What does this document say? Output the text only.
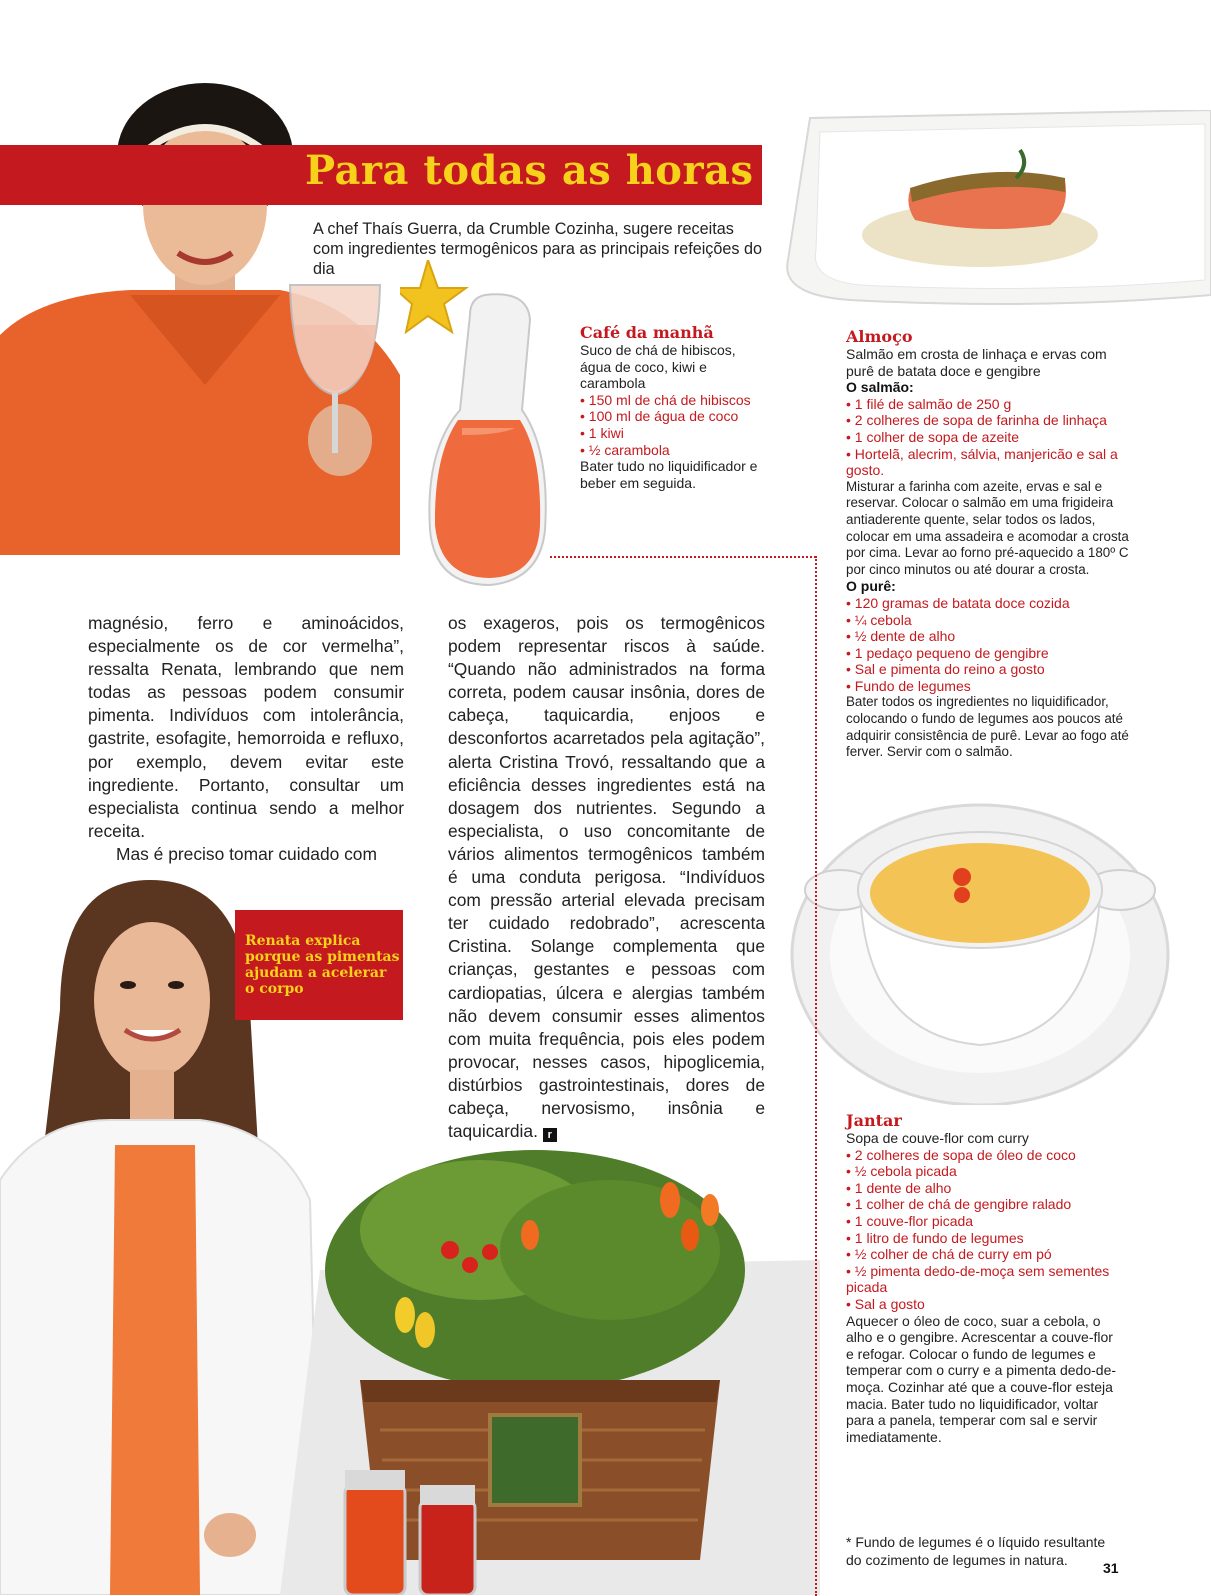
Para todas as horas
A chef Thaís Guerra, da Crumble Cozinha, sugere receitas com ingredientes termogênicos para as principais refeições do dia
Café da manhã

Suco de chá de hibiscos, água de coco, kiwi e carambola

• 150 ml de chá de hibiscos
• 100 ml de água de coco
• 1 kiwi
• ½ carambola

Bater tudo no liquidificador e beber em seguida.

Almoço

Salmão em crosta de linhaça e ervas com purê de batata doce e gengibre

O salmão:

• 1 filé de salmão de 250 g
• 2 colheres de sopa de farinha de linhaça
• 1 colher de sopa de azeite
• Hortelã, alecrim, sálvia, manjericão e sal a gosto.

Misturar a farinha com azeite, ervas e sal e reservar. Colocar o salmão em uma frigideira antiaderente quente, selar todos os lados, colocar em uma assadeira e acomodar a crosta por cima. Levar ao forno pré-aquecido a 180º C por cinco minutos ou até dourar a crosta.

O purê:

• 120 gramas de batata doce cozida
• ¼ cebola
• ½ dente de alho
• 1 pedaço pequeno de gengibre
• Sal e pimenta do reino a gosto
• Fundo de legumes

Bater todos os ingredientes no liquidificador, colocando o fundo de legumes aos poucos até adquirir consistência de purê. Levar ao fogo até ferver. Servir com o salmão.

Jantar

Sopa de couve-flor com curry

• 2 colheres de sopa de óleo de coco
• ½ cebola picada
• 1 dente de alho
• 1 colher de chá de gengibre ralado
• 1 couve-flor picada
• 1 litro de fundo de legumes
• ½ colher de chá de curry em pó
• ½ pimenta dedo-de-moça sem sementes picada
• Sal a gosto

Aquecer o óleo de coco, suar a cebola, o alho e o gengibre. Acrescentar a couve-flor e refogar. Colocar o fundo de legumes e temperar com o curry e a pimenta dedo-de-moça. Cozinhar até que a couve-flor esteja macia. Bater tudo no liquidificador, voltar para a panela, temperar com sal e servir imediatamente.

magnésio, ferro e aminoácidos, especialmente os de cor vermelha”, ressalta Renata, lembrando que nem todas as pessoas podem consumir pimenta. Indivíduos com intolerância, gastrite, esofagite, hemorroida e refluxo, por exemplo, devem evitar este ingrediente. Portanto, consultar um especialista continua sendo a melhor receita.

Mas é preciso tomar cuidado com

os exageros, pois os termogênicos podem representar riscos à saúde. “Quando não administrados na forma correta, podem causar insônia, dores de cabeça, taquicardia, enjoos e desconfortos acarretados pela agitação”, alerta Cristina Trovó, ressaltando que a eficiência desses ingredientes está na dosagem dos nutrientes. Segundo a especialista, o uso concomitante de vários alimentos termogênicos também é uma conduta perigosa. “Indivíduos com pressão arterial elevada precisam ter cuidado redobrado”, acrescenta Cristina. Solange complementa que crianças, gestantes e pessoas com cardiopatias, úlcera e alergias também não devem consumir esses alimentos com muita frequência, pois eles podem provocar, nesses casos, hipoglicemia, distúrbios gastrointestinais, dores de cabeça, nervosismo, insônia e taquicardia. r

Renata explica porque as pimentas ajudam a acelerar o corpo
* Fundo de legumes é o líquido resultante do cozimento de legumes in natura.
31
